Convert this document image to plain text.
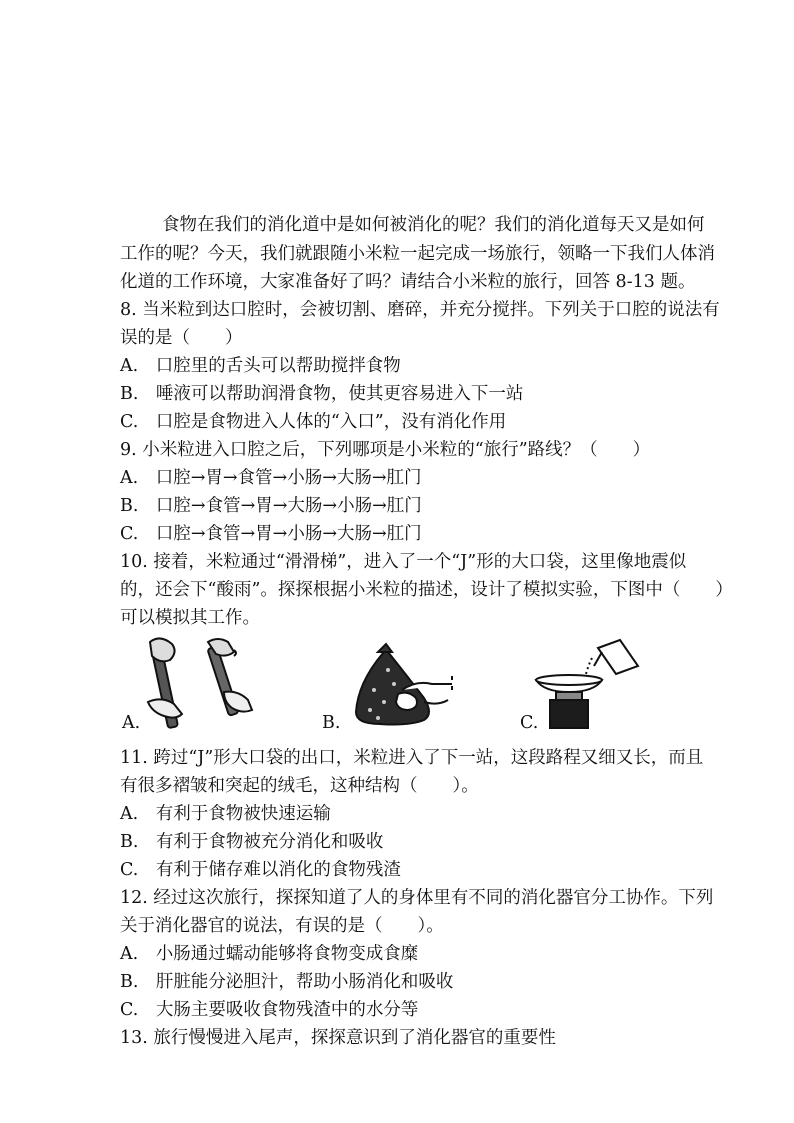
食物在我们的消化道中是如何被消化的呢？我们的消化道每天又是如何
工作的呢？今天，我们就跟随小米粒一起完成一场旅行，领略一下我们人体消
化道的工作环境，大家准备好了吗？请结合小米粒的旅行，回答 8-13 题。
8. 当米粒到达口腔时，会被切割、磨碎，并充分搅拌。下列关于口腔的说法有
误的是（　　）
A.　口腔里的舌头可以帮助搅拌食物
B.　唾液可以帮助润滑食物，使其更容易进入下一站
C.　口腔是食物进入人体的“入口”，没有消化作用
9. 小米粒进入口腔之后，下列哪项是小米粒的“旅行”路线？（　　）
A.　口腔→胃→食管→小肠→大肠→肛门
B.　口腔→食管→胃→大肠→小肠→肛门
C.　口腔→食管→胃→小肠→大肠→肛门
10. 接着，米粒通过“滑滑梯”，进入了一个“J”形的大口袋，这里像地震似
的，还会下“酸雨”。探探根据小米粒的描述，设计了模拟实验，下图中（　　）
可以模拟其工作。
A.	B.	C.
11. 跨过“J”形大口袋的出口，米粒进入了下一站，这段路程又细又长，而且
有很多褶皱和突起的绒毛，这种结构（　　）。
A.　有利于食物被快速运输
B.　有利于食物被充分消化和吸收
C.　有利于储存难以消化的食物残渣
12. 经过这次旅行，探探知道了人的身体里有不同的消化器官分工协作。下列
关于消化器官的说法，有误的是（　　）。
A.　小肠通过蠕动能够将食物变成食糜
B.　肝脏能分泌胆汁，帮助小肠消化和吸收
C.　大肠主要吸收食物残渣中的水分等
13. 旅行慢慢进入尾声，探探意识到了消化器官的重要性
